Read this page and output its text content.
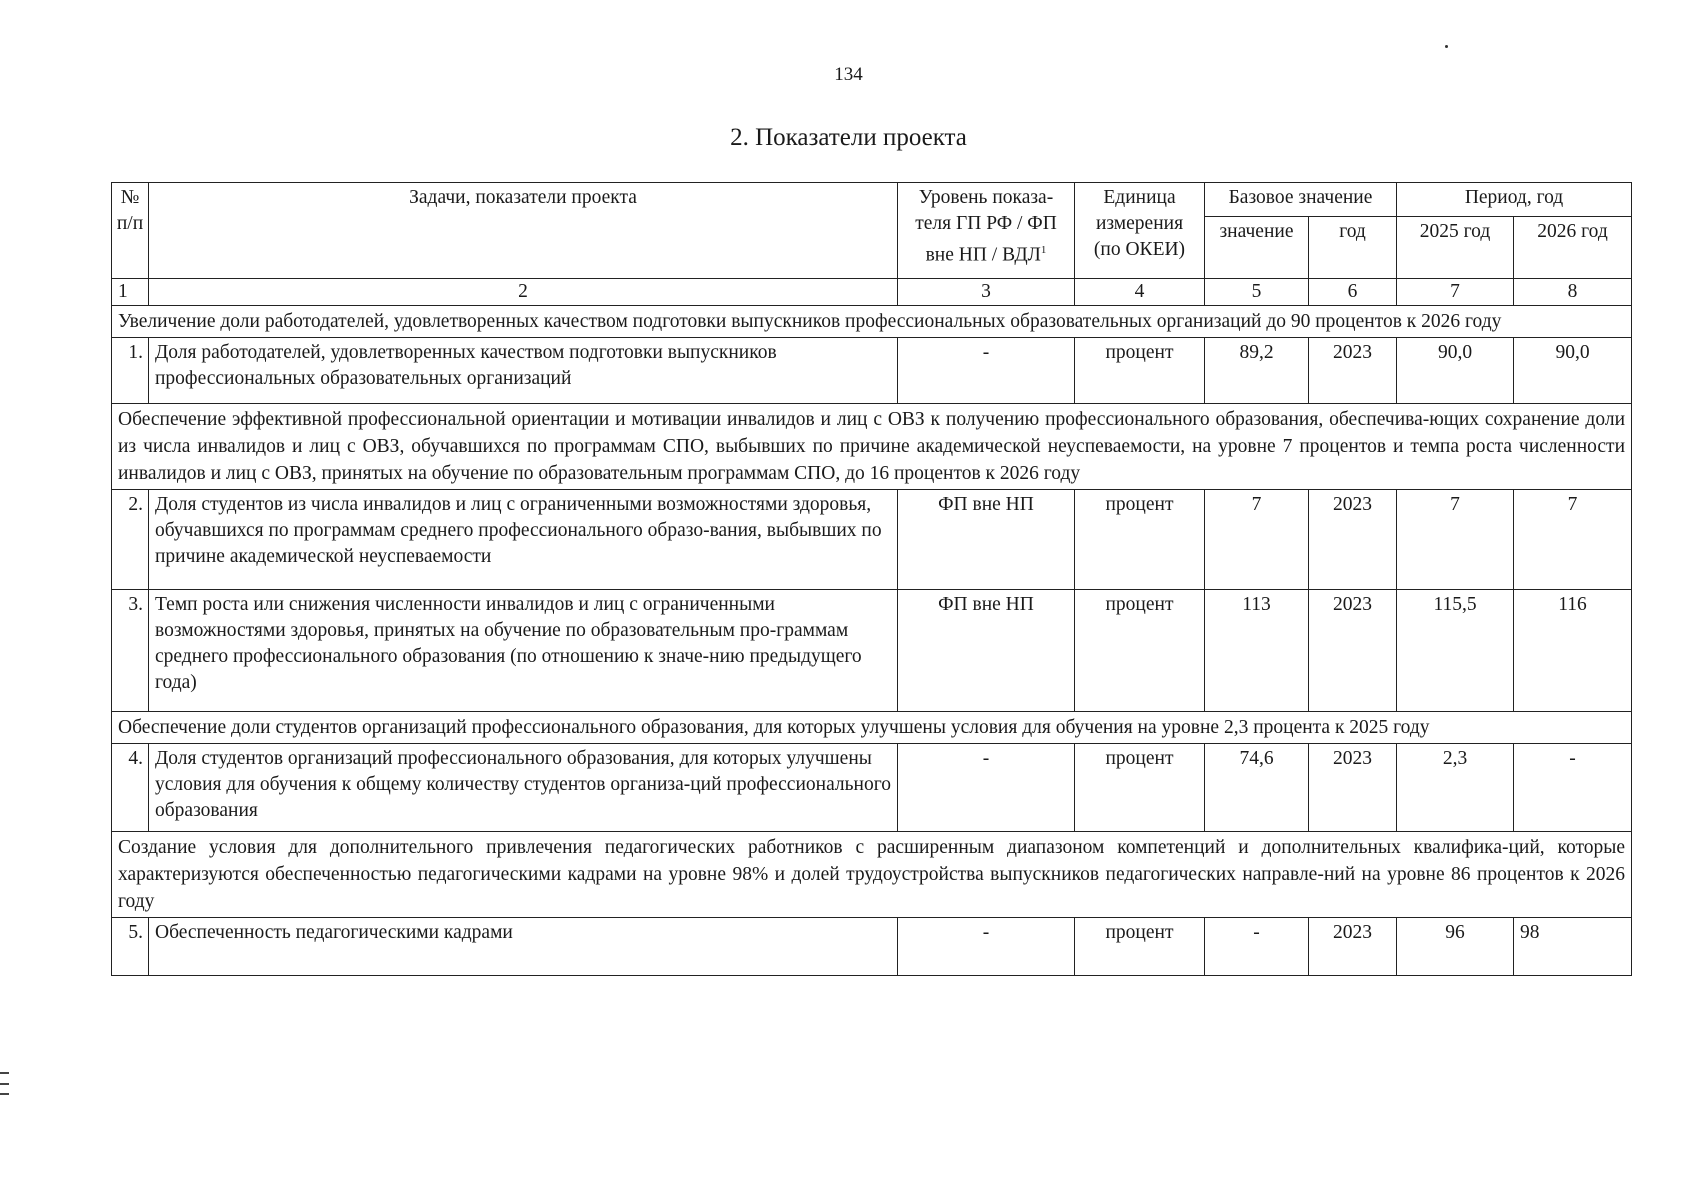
134
2. Показатели проекта
№ п/п	Задачи, показатели проекта	Уровень показа-теля ГП РФ / ФП вне НП / ВДЛ$^1$	Единица измерения (по ОКЕИ)	Базовое значение		Период, год	
				значение	год	2025 год	2026 год
1	2	3	4	5	6	7	8
Увеличение доли работодателей, удовлетворенных качеством подготовки выпускников профессиональных образовательных организаций до 90 процентов к 2026 году							
1.	Доля работодателей, удовлетворенных качеством подготовки выпускников профессиональных образовательных организаций	-	процент	89,2	2023	90,0	90,0
Обеспечение эффективной профессиональной ориентации и мотивации инвалидов и лиц с ОВЗ к получению профессионального образования, обеспечива-ющих сохранение доли из числа инвалидов и лиц с ОВЗ, обучавшихся по программам СПО, выбывших по причине академической неуспеваемости, на уровне 7 процентов и темпа роста численности инвалидов и лиц с ОВЗ, принятых на обучение по образовательным программам СПО, до 16 процентов к 2026 году							
2.	Доля студентов из числа инвалидов и лиц с ограниченными возможностями здоровья, обучавшихся по программам среднего профессионального образо-вания, выбывших по причине академической неуспеваемости	ФП вне НП	процент	7	2023	7	7
3.	Темп роста или снижения численности инвалидов и лиц с ограниченными возможностями здоровья, принятых на обучение по образовательным про-граммам среднего профессионального образования (по отношению к значе-нию предыдущего года)	ФП вне НП	процент	113	2023	115,5	116
Обеспечение доли студентов организаций профессионального образования, для которых улучшены условия для обучения на уровне 2,3 процента к 2025 году							
4.	Доля студентов организаций профессионального образования, для которых улучшены условия для обучения к общему количеству студентов организа-ций профессионального образования	-	процент	74,6	2023	2,3	-
Создание условия для дополнительного привлечения педагогических работников с расширенным диапазоном компетенций и дополнительных квалифика-ций, которые характеризуются обеспеченностью педагогическими кадрами на уровне 98% и долей трудоустройства выпускников педагогических направле-ний на уровне 86 процентов к 2026 году							
5.	Обеспеченность педагогическими кадрами	-	процент	-	2023	96	98
